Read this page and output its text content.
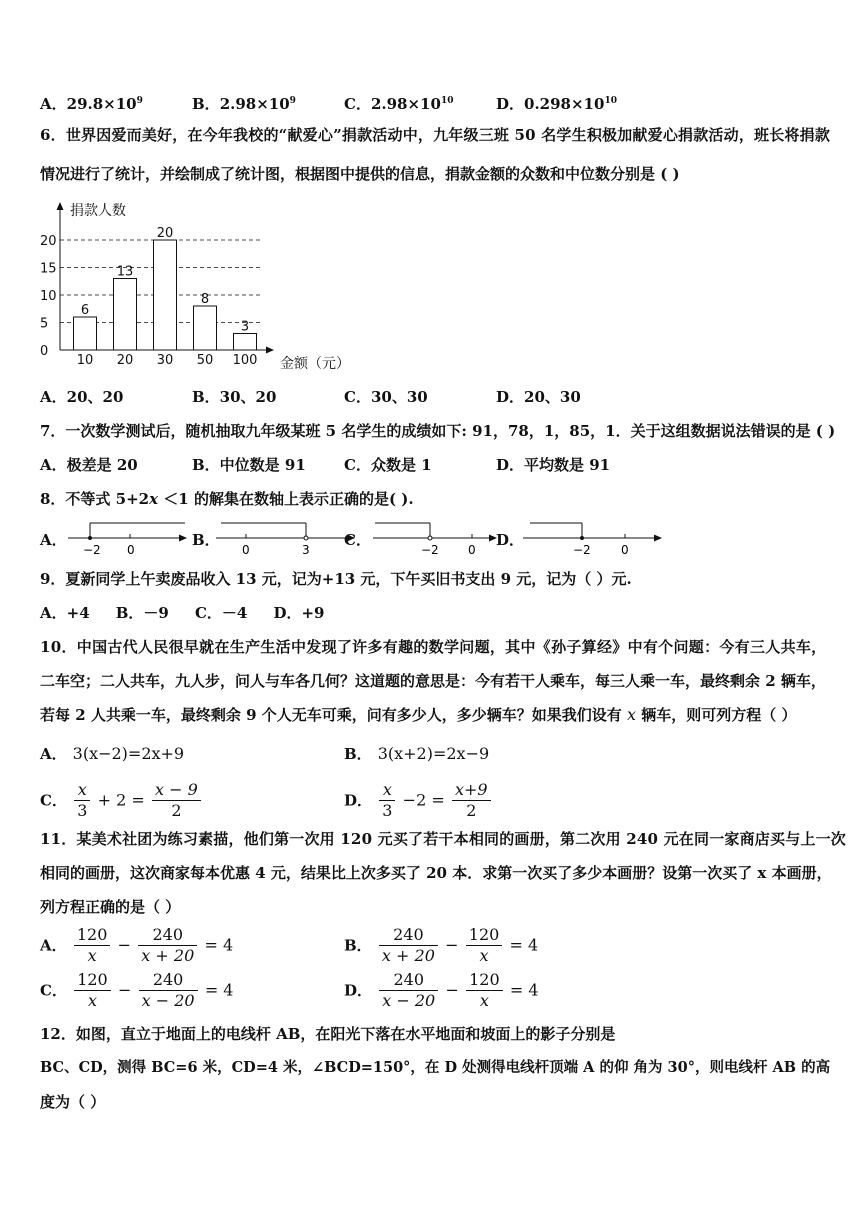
A．$29.8\times 10^9$	B．$2.98\times 10^9$	C．$2.98\times 10^{10}$	D．$0.298\times 10^{10}$
6．世界因爱而美好，在今年我校的“献爱心”捐款活动中，九年级三班 50 名学生积极加献爱心捐款活动，班长将捐款
情况进行了统计，并绘制成了统计图，根据图中提供的信息，捐款金额的众数和中位数分别是 ( )
0
5
10
15
20
捐款人数
6
10
13
20
20
30
8
50
3
100 金额（元）
A．20、20	B．30、20	C．30、30	D．20、30
7．一次数学测试后，随机抽取九年级某班 5 名学生的成绩如下: 91，78，1，85，1．关于这组数据说法错误的是 ( )
A．极差是 20	B．中位数是 91	C．众数是 1	D．平均数是 91
8．不等式 5+2x ＜1 的解集在数轴上表示正确的是( ).
A．
−2 0
B．
0	3
C．
−2 0
D．
−2	0
9．夏新同学上午卖废品收入 13 元，记为+13 元，下午买旧书支出 9 元，记为（ ）元.
A．+4     B．－9     C．－4     D．+9
10．中国古代人民很早就在生产生活中发现了许多有趣的数学问题，其中《孙子算经》中有个问题：今有三人共车，
二车空；二人共车，九人步，问人与车各几何？这道题的意思是：今有若干人乘车，每三人乘一车，最终剩余 2 辆车，
若每 2 人共乘一车，最终剩余 9 个人无车可乘，问有多少人，多少辆车？如果我们设有 x 辆车，则可列方程（ ）
A． 3(x−2)=2x+9	B． 3(x+2)=2x−9
C． $\frac{x}{3} + 2 = \frac{x - 9}{2}$	D． $\frac{x}{3} -2 = \frac{x+9}{2}$
11．某美术社团为练习素描，他们第一次用 120 元买了若干本相同的画册，第二次用 240 元在同一家商店买与上一次
相同的画册，这次商家每本优惠 4 元，结果比上次多买了 20 本．求第一次买了多少本画册？设第一次买了 x 本画册，
列方程正确的是（ ）
A． $\frac{120}{x} - \frac{240}{x + 20} = 4$	B． $\frac{240}{x + 20} - \frac{120}{x} = 4$
C． $\frac{120}{x} - \frac{240}{x - 20} = 4$	D． $\frac{240}{x - 20} - \frac{120}{x} = 4$
12．如图，直立于地面上的电线杆 AB，在阳光下落在水平地面和坡面上的影子分别是
BC、CD，测得 BC=6 米，CD=4 米，∠BCD=150°，在 D 处测得电线杆顶端 A 的仰 角为 30°，则电线杆 AB 的高
度为（ ）
